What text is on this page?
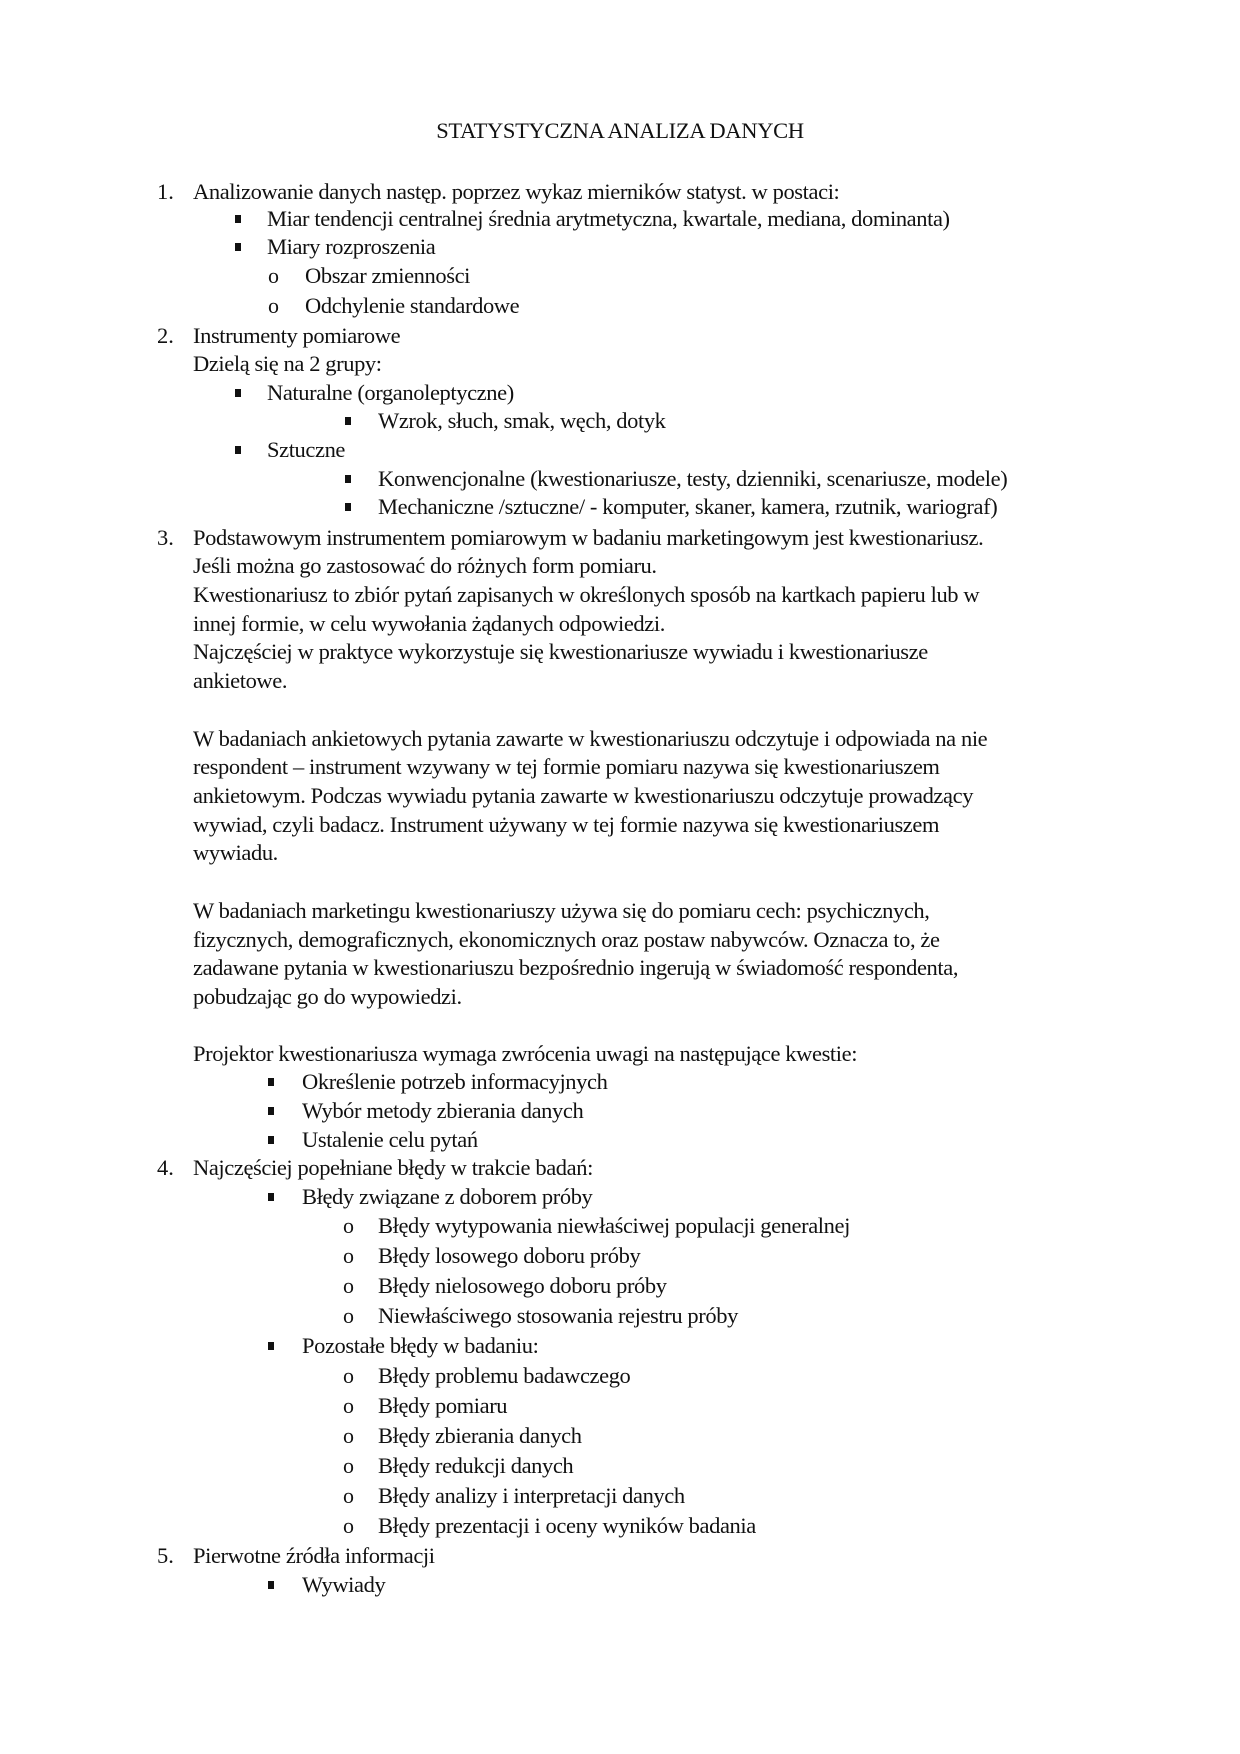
STATYSTYCZNA ANALIZA DANYCH
1. Analizowanie danych następ. poprzez wykaz mierników statyst. w postaci:
Miar tendencji centralnej średnia arytmetyczna, kwartale, mediana, dominanta)
Miary rozproszenia
o Obszar zmienności
o Odchylenie standardowe
2. Instrumenty pomiarowe
Dzielą się na 2 grupy:
Naturalne (organoleptyczne)
Wzrok, słuch, smak, węch, dotyk
Sztuczne
Konwencjonalne (kwestionariusze, testy, dzienniki, scenariusze, modele)
Mechaniczne /sztuczne/ - komputer, skaner, kamera, rzutnik, wariograf)
3. Podstawowym instrumentem pomiarowym w badaniu marketingowym jest kwestionariusz.
Jeśli można go zastosować do różnych form pomiaru.
Kwestionariusz to zbiór pytań zapisanych w określonych sposób na kartkach papieru lub w
innej formie, w celu wywołania żądanych odpowiedzi.
Najczęściej w praktyce wykorzystuje się kwestionariusze wywiadu i kwestionariusze
ankietowe.
W badaniach ankietowych pytania zawarte w kwestionariuszu odczytuje i odpowiada na nie
respondent – instrument wzywany w tej formie pomiaru nazywa się kwestionariuszem
ankietowym. Podczas wywiadu pytania zawarte w kwestionariuszu odczytuje prowadzący
wywiad, czyli badacz. Instrument używany w tej formie nazywa się kwestionariuszem
wywiadu.
W badaniach marketingu kwestionariuszy używa się do pomiaru cech: psychicznych,
fizycznych, demograficznych, ekonomicznych oraz postaw nabywców. Oznacza to, że
zadawane pytania w kwestionariuszu bezpośrednio ingerują w świadomość respondenta,
pobudzając go do wypowiedzi.
Projektor kwestionariusza wymaga zwrócenia uwagi na następujące kwestie:
Określenie potrzeb informacyjnych
Wybór metody zbierania danych
Ustalenie celu pytań
4. Najczęściej popełniane błędy w trakcie badań:
Błędy związane z doborem próby
o Błędy wytypowania niewłaściwej populacji generalnej
o Błędy losowego doboru próby
o Błędy nielosowego doboru próby
o Niewłaściwego stosowania rejestru próby
Pozostałe błędy w badaniu:
o Błędy problemu badawczego
o Błędy pomiaru
o Błędy zbierania danych
o Błędy redukcji danych
o Błędy analizy i interpretacji danych
o Błędy prezentacji i oceny wyników badania
5. Pierwotne źródła informacji
Wywiady
